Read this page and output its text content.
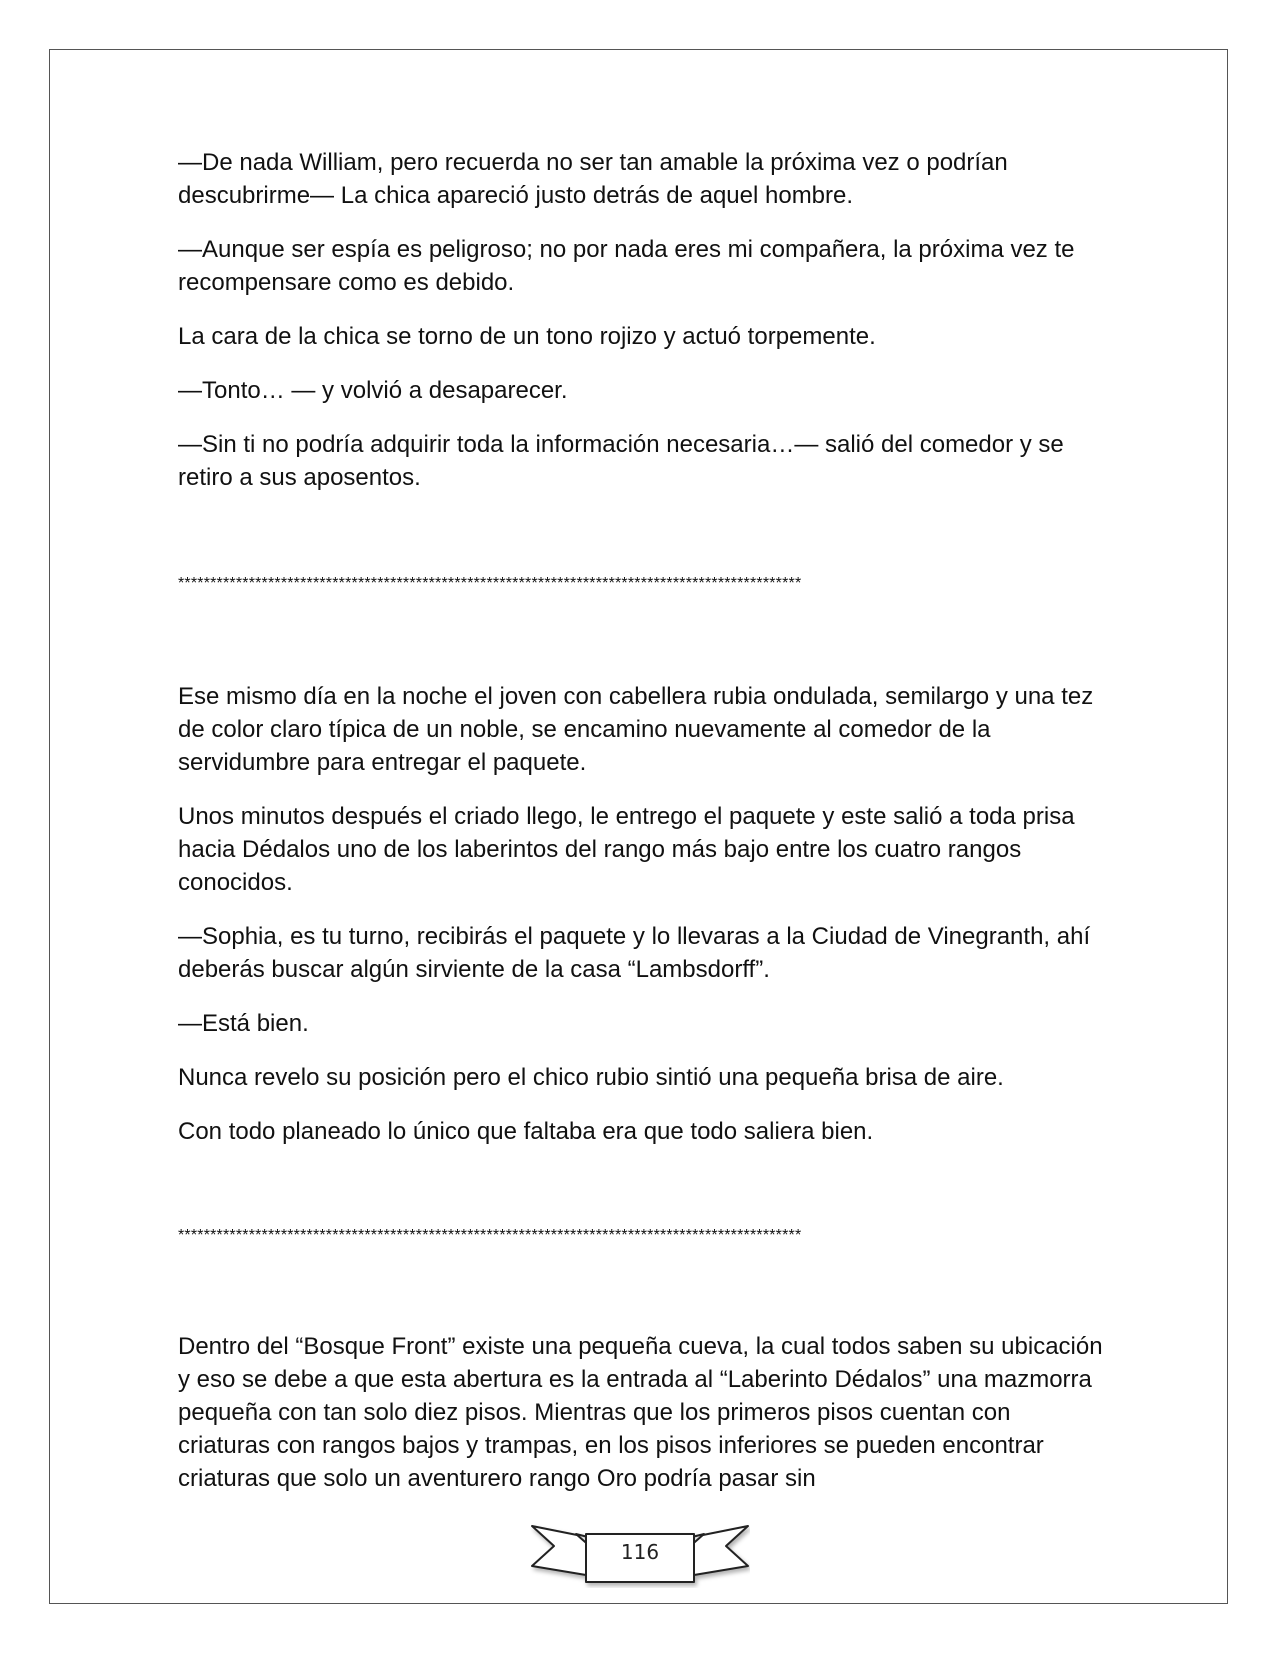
—De nada William, pero recuerda no ser tan amable la próxima vez o podrían descubrirme— La chica apareció justo detrás de aquel hombre.

—Aunque ser espía es peligroso; no por nada eres mi compañera, la próxima vez te recompensare como es debido.

La cara de la chica se torno de un tono rojizo y actuó torpemente.

—Tonto… — y volvió a desaparecer.

—Sin ti no podría adquirir toda la información necesaria…— salió del comedor y se retiro a sus aposentos.

*************************************************************************************************

Ese mismo día en la noche el joven con cabellera rubia ondulada, semilargo y una tez de color claro típica de un noble, se encamino nuevamente al comedor de la servidumbre para entregar el paquete.

Unos minutos después el criado llego, le entrego el paquete y este salió a toda prisa hacia Dédalos uno de los laberintos del rango más bajo entre los cuatro rangos conocidos.

—Sophia, es tu turno, recibirás el paquete y lo llevaras a la Ciudad de Vinegranth, ahí deberás buscar algún sirviente de la casa “Lambsdorff”.

—Está bien.

Nunca revelo su posición pero el chico rubio sintió una pequeña brisa de aire.

Con todo planeado lo único que faltaba era que todo saliera bien.

*************************************************************************************************

Dentro del “Bosque Front” existe una pequeña cueva, la cual todos saben su ubicación y eso se debe a que esta abertura es la entrada al “Laberinto Dédalos” una mazmorra pequeña con tan solo diez pisos. Mientras que los primeros pisos cuentan con criaturas con rangos bajos y trampas, en los pisos inferiores se pueden encontrar criaturas que solo un aventurero rango Oro podría pasar sin

116
